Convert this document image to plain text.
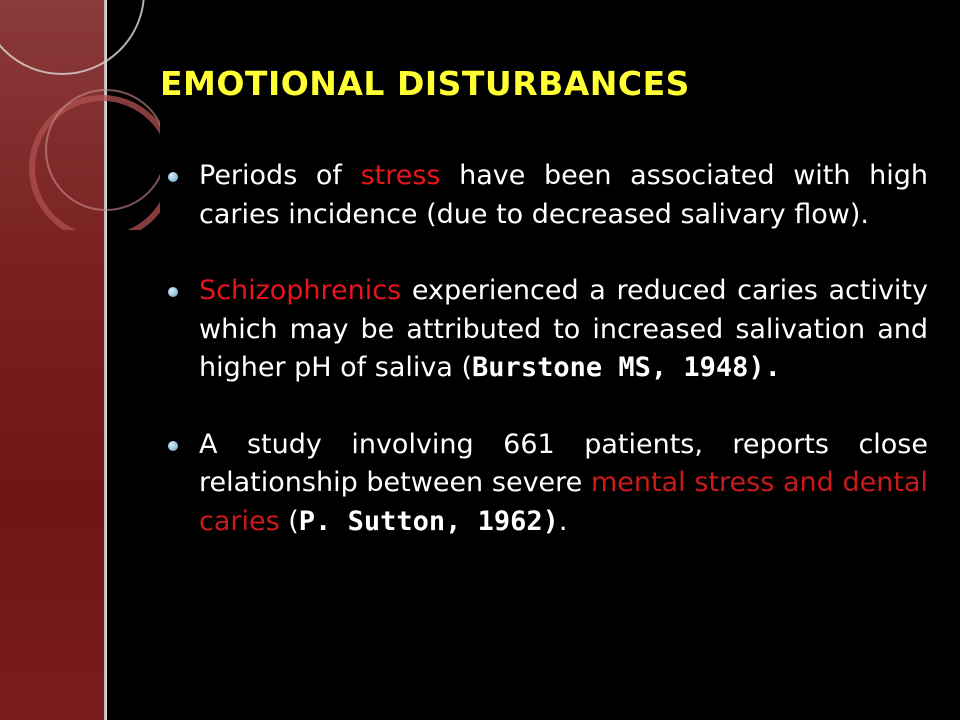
EMOTIONAL DISTURBANCES
Periods of stress have been associated with high caries incidence (due to decreased salivary flow).
Schizophrenics experienced a reduced caries activity which may be attributed to increased salivation and higher pH of saliva (Burstone MS, 1948).
A study involving 661 patients, reports close relationship between severe mental stress and dental caries (P. Sutton, 1962).
